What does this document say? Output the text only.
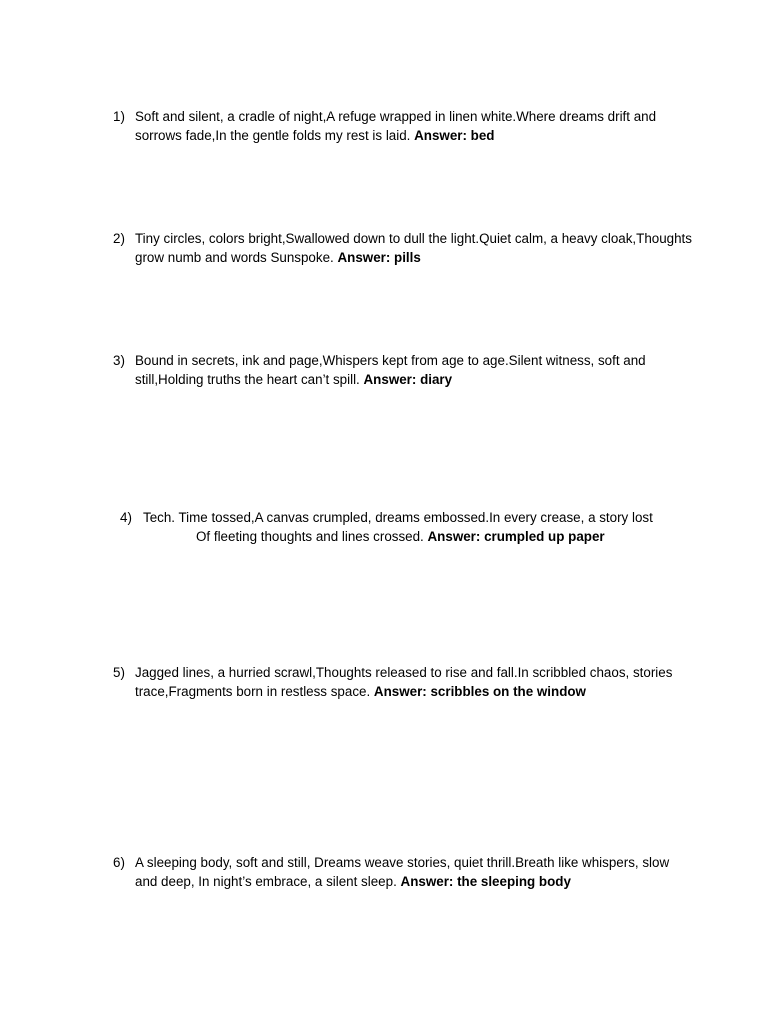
1) Soft and silent, a cradle of night,A refuge wrapped in linen white.Where dreams drift and sorrows fade,In the gentle folds my rest is laid. Answer: bed
2) Tiny circles, colors bright,Swallowed down to dull the light.Quiet calm, a heavy cloak,Thoughts grow numb and words Sunspoke. Answer: pills
3) Bound in secrets, ink and page,Whispers kept from age to age.Silent witness, soft and still,Holding truths the heart can’t spill. Answer: diary
4) Tech. Time tossed,A canvas crumpled, dreams embossed.In every crease, a story lost
Of fleeting thoughts and lines crossed. Answer: crumpled up paper
5) Jagged lines, a hurried scrawl,Thoughts released to rise and fall.In scribbled chaos, stories trace,Fragments born in restless space. Answer: scribbles on the window
6) A sleeping body, soft and still, Dreams weave stories, quiet thrill.Breath like whispers, slow and deep, In night’s embrace, a silent sleep. Answer: the sleeping body
